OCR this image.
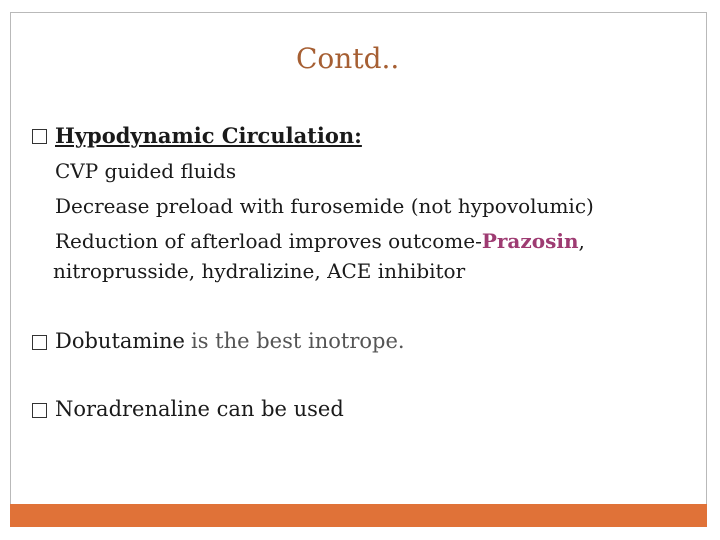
Contd..
Hypodynamic Circulation:
CVP guided fluids
Decrease preload with furosemide (not hypovolumic)
Reduction of afterload improves outcome-Prazosin,
nitroprusside, hydralizine, ACE inhibitor
Dobutamine is the best inotrope.
Noradrenaline can be used
